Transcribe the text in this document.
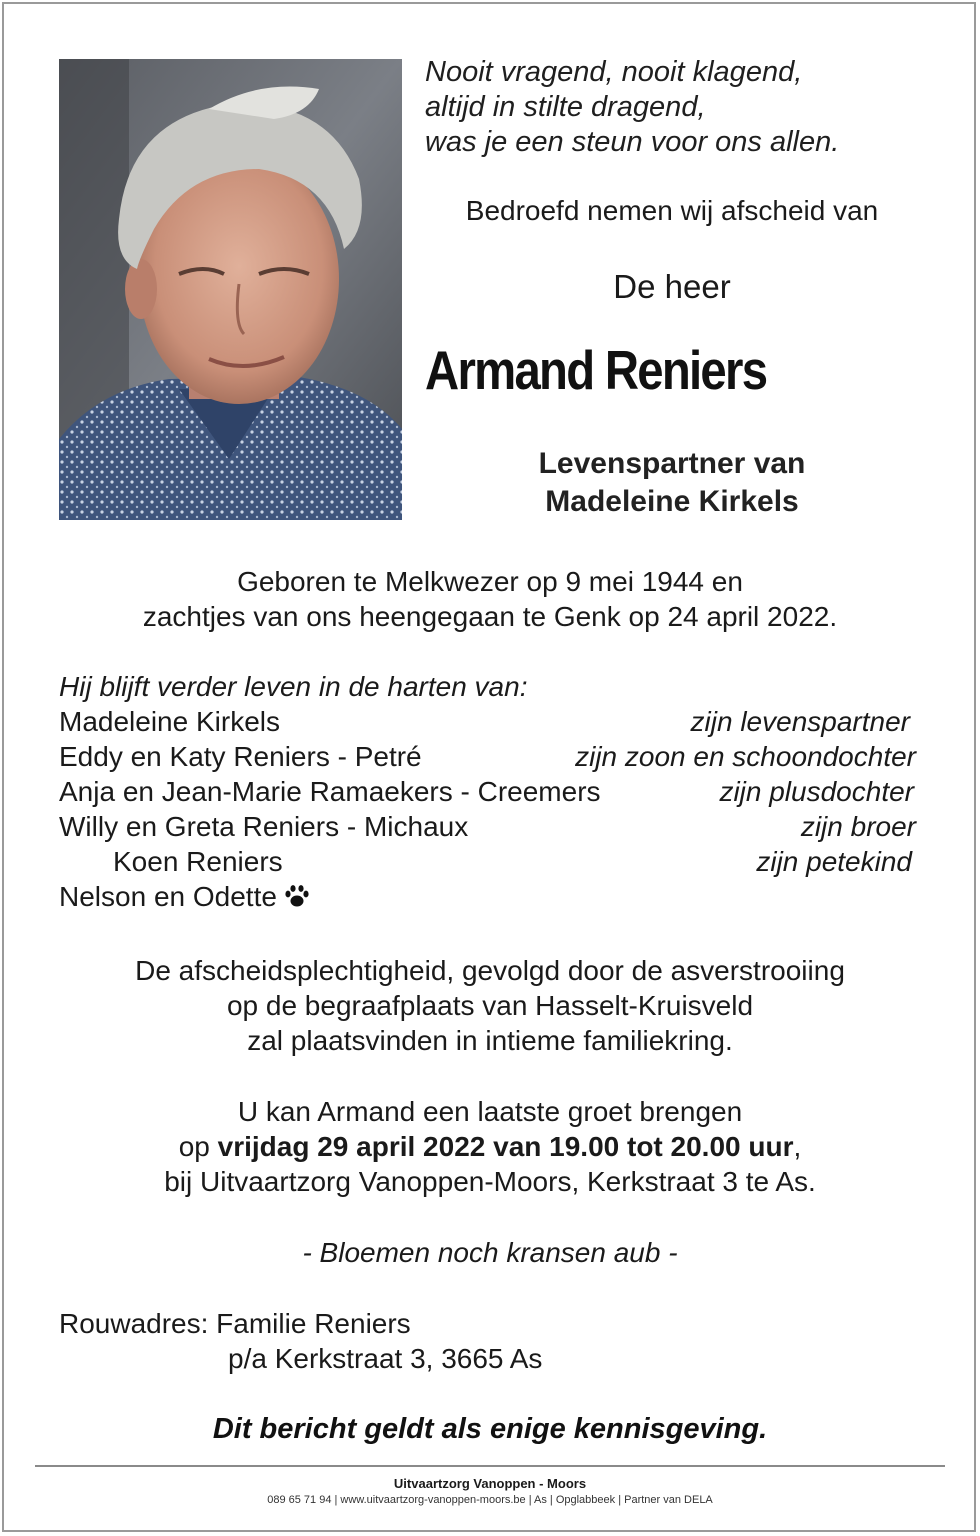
Nooit vragend, nooit klagend,
altijd in stilte dragend,
was je een steun voor ons allen.
Bedroefd nemen wij afscheid van
De heer
Armand Reniers
Levenspartner van
Madeleine Kirkels
Geboren te Melkwezer op 9 mei 1944 en
zachtjes van ons heengegaan te Genk op 24 april 2022.
Hij blijft verder leven in de harten van:
Madeleine Kirkels	zijn levenspartner
Eddy en Katy Reniers - Petré	zijn zoon en schoondochter
Anja en Jean-Marie Ramaekers - Creemers	zijn plusdochter
Willy en Greta Reniers - Michaux	zijn broer
Koen Reniers	zijn petekind
Nelson en Odette
De afscheidsplechtigheid, gevolgd door de asverstrooiing
op de begraafplaats van Hasselt-Kruisveld
zal plaatsvinden in intieme familiekring.
U kan Armand een laatste groet brengen
op vrijdag 29 april 2022 van 19.00 tot 20.00 uur,
bij Uitvaartzorg Vanoppen-Moors, Kerkstraat 3 te As.
- Bloemen noch kransen aub -
Rouwadres: Familie Reniers
p/a Kerkstraat 3, 3665 As
Dit bericht geldt als enige kennisgeving.
Uitvaartzorg Vanoppen - Moors
089 65 71 94 | www.uitvaartzorg-vanoppen-moors.be | As | Opglabbeek | Partner van DELA
